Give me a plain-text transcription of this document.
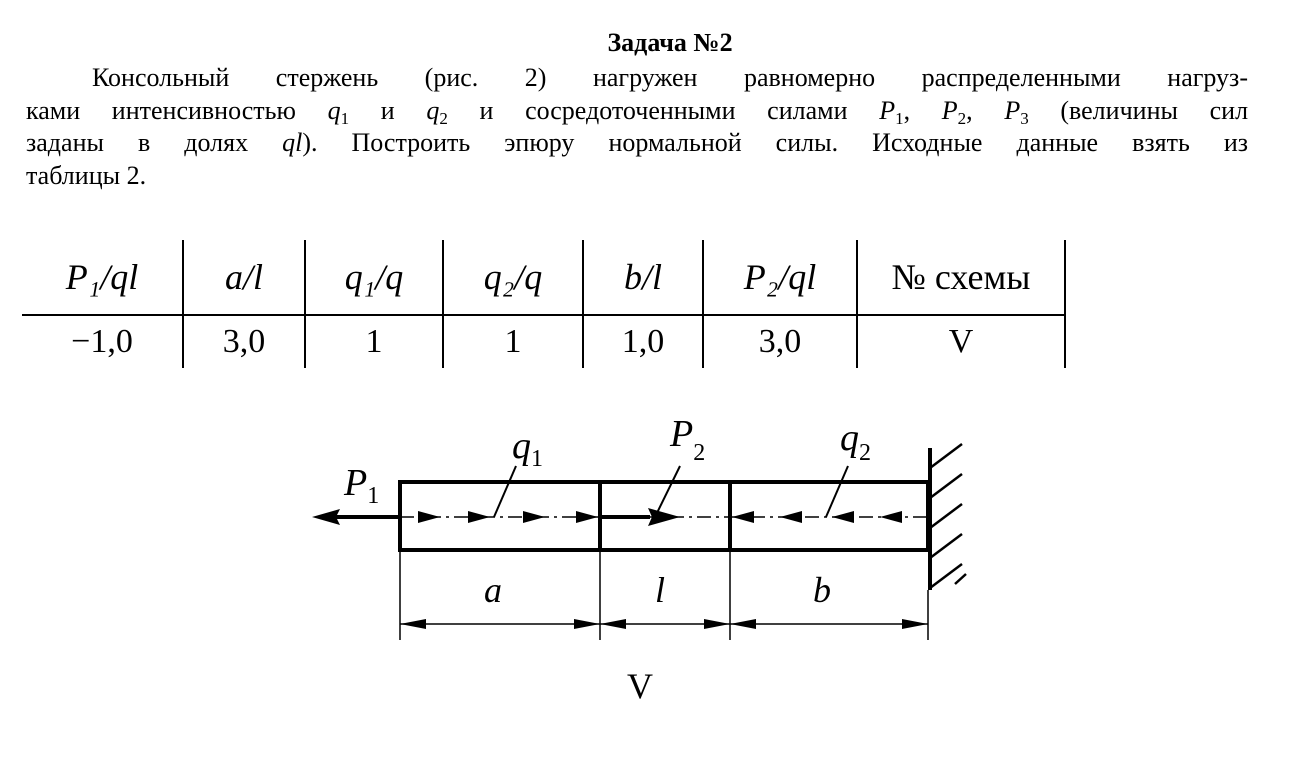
Задача №2
Консольный стержень (рис. 2) нагружен равномерно распределенными нагруз-
ками интенсивностью $q_1$ и $q_2$ и сосредоточенными силами $P_1$, $P_2$, $P_3$ (величины сил
заданы в долях ql). Построить эпюру нормальной силы. Исходные данные взять из
таблицы 2.
P₁/ql	a/l	q₁/q	q₂/q	b/l	P₂/ql	№ схемы
−1,0	3,0	1	1	1,0	3,0	V
$P_1$
$q_1$
$P_2$	$q_2$
a	l	b
V
